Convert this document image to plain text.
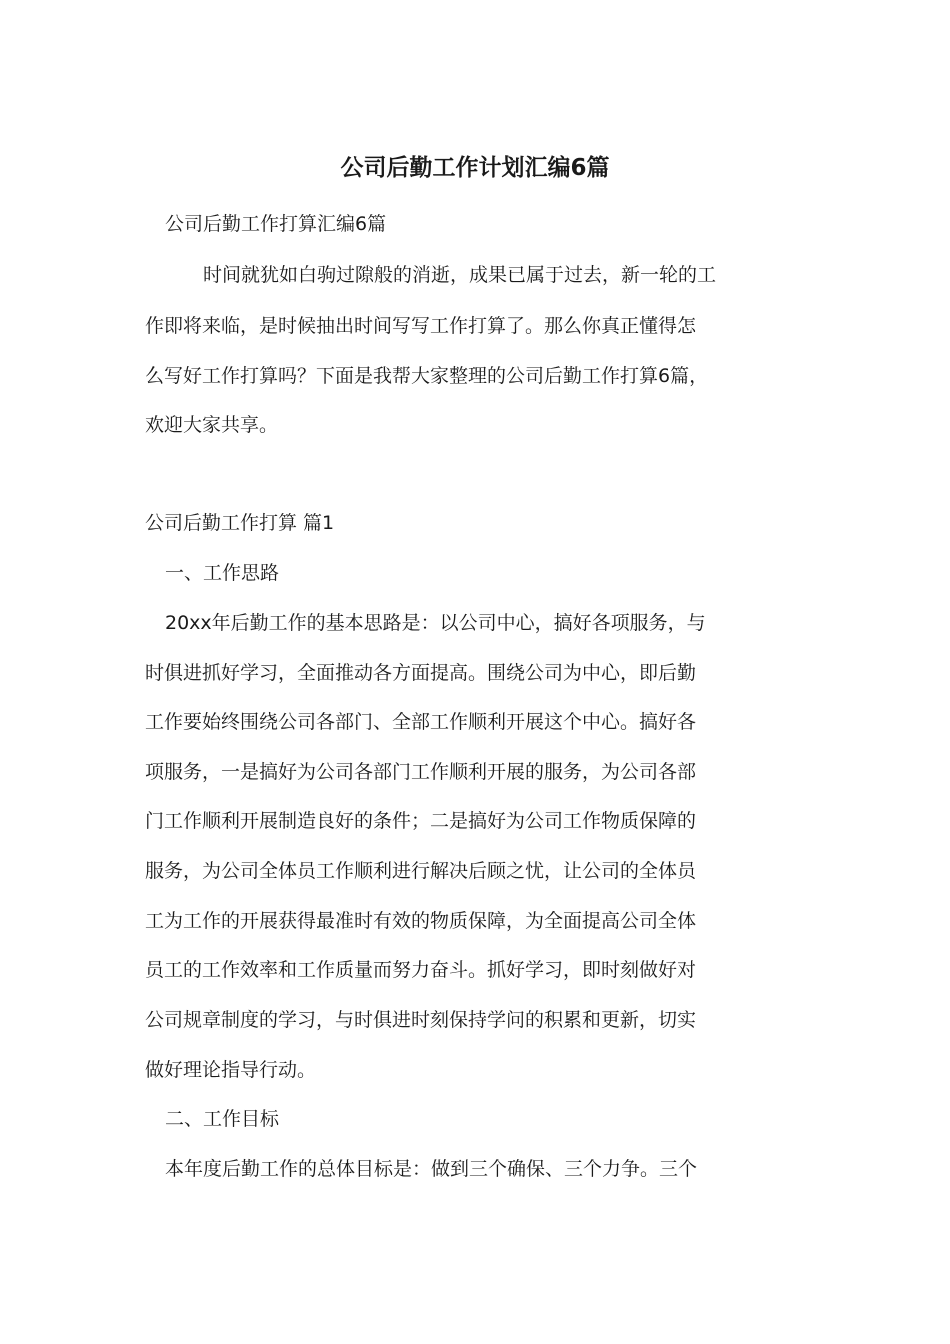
公司后勤工作计划汇编6篇

公司后勤工作打算汇编6篇

时间就犹如白驹过隙般的消逝，成果已属于过去，新一轮的工

作即将来临，是时候抽出时间写写工作打算了。那么你真正懂得怎

么写好工作打算吗？下面是我帮大家整理的公司后勤工作打算6篇，

欢迎大家共享。

公司后勤工作打算 篇1

一、工作思路

20xx年后勤工作的基本思路是：以公司中心，搞好各项服务，与

时俱进抓好学习，全面推动各方面提高。围绕公司为中心，即后勤

工作要始终围绕公司各部门、全部工作顺利开展这个中心。搞好各

项服务，一是搞好为公司各部门工作顺利开展的服务，为公司各部

门工作顺利开展制造良好的条件；二是搞好为公司工作物质保障的

服务，为公司全体员工作顺利进行解决后顾之忧，让公司的全体员

工为工作的开展获得最准时有效的物质保障，为全面提高公司全体

员工的工作效率和工作质量而努力奋斗。抓好学习，即时刻做好对

公司规章制度的学习，与时俱进时刻保持学问的积累和更新，切实

做好理论指导行动。

二、工作目标

本年度后勤工作的总体目标是：做到三个确保、三个力争。三个
